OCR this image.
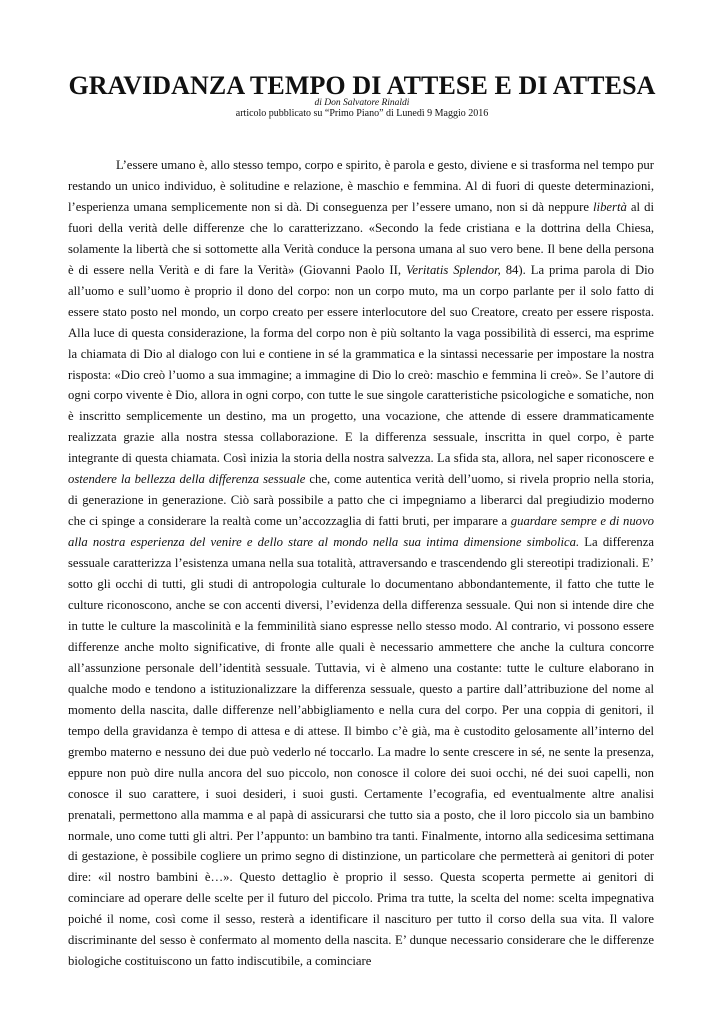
GRAVIDANZA TEMPO DI ATTESE E DI ATTESA
di Don Salvatore Rinaldi
articolo pubblicato su “Primo Piano” di Lunedì 9 Maggio 2016

L’essere umano è, allo stesso tempo, corpo e spirito, è parola e gesto, diviene e si trasforma nel tempo pur restando un unico individuo, è solitudine e relazione, è maschio e femmina. Al di fuori di queste determinazioni, l’esperienza umana semplicemente non si dà. Di conseguenza per l’essere umano, non si dà neppure libertà al di fuori della verità delle differenze che lo caratterizzano. «Secondo la fede cristiana e la dottrina della Chiesa, solamente la libertà che si sottomette alla Verità conduce la persona umana al suo vero bene. Il bene della persona è di essere nella Verità e di fare la Verità» (Giovanni Paolo II, Veritatis Splendor, 84). La prima parola di Dio all’uomo e sull’uomo è proprio il dono del corpo: non un corpo muto, ma un corpo parlante per il solo fatto di essere stato posto nel mondo, un corpo creato per essere interlocutore del suo Creatore, creato per essere risposta. Alla luce di questa considerazione, la forma del corpo non è più soltanto la vaga possibilità di esserci, ma esprime la chiamata di Dio al dialogo con lui e contiene in sé la grammatica e la sintassi necessarie per impostare la nostra risposta: «Dio creò l’uomo a sua immagine; a immagine di Dio lo creò: maschio e femmina li creò». Se l’autore di ogni corpo vivente è Dio, allora in ogni corpo, con tutte le sue singole caratteristiche psicologiche e somatiche, non è inscritto semplicemente un destino, ma un progetto, una vocazione, che attende di essere drammaticamente realizzata grazie alla nostra stessa collaborazione. E la differenza sessuale, inscritta in quel corpo, è parte integrante di questa chiamata. Così inizia la storia della nostra salvezza. La sfida sta, allora, nel saper riconoscere e ostendere la bellezza della differenza sessuale che, come autentica verità dell’uomo, si rivela proprio nella storia, di generazione in generazione. Ciò sarà possibile a patto che ci impegniamo a liberarci dal pregiudizio moderno che ci spinge a considerare la realtà come un’accozzaglia di fatti bruti, per imparare a guardare sempre e di nuovo alla nostra esperienza del venire e dello stare al mondo nella sua intima dimensione simbolica. La differenza sessuale caratterizza l’esistenza umana nella sua totalità, attraversando e trascendendo gli stereotipi tradizionali. E’ sotto gli occhi di tutti, gli studi di antropologia culturale lo documentano abbondantemente, il fatto che tutte le culture riconoscono, anche se con accenti diversi, l’evidenza della differenza sessuale. Qui non si intende dire che in tutte le culture la mascolinità e la femminilità siano espresse nello stesso modo. Al contrario, vi possono essere differenze anche molto significative, di fronte alle quali è necessario ammettere che anche la cultura concorre all’assunzione personale dell’identità sessuale. Tuttavia, vi è almeno una costante: tutte le culture elaborano in qualche modo e tendono a istituzionalizzare la differenza sessuale, questo a partire dall’attribuzione del nome al momento della nascita, dalle differenze nell’abbigliamento e nella cura del corpo. Per una coppia di genitori, il tempo della gravidanza è tempo di attesa e di attese. Il bimbo c’è già, ma è custodito gelosamente all’interno del grembo materno e nessuno dei due può vederlo né toccarlo. La madre lo sente crescere in sé, ne sente la presenza, eppure non può dire nulla ancora del suo piccolo, non conosce il colore dei suoi occhi, né dei suoi capelli, non conosce il suo carattere, i suoi desideri, i suoi gusti. Certamente l’ecografia, ed eventualmente altre analisi prenatali, permettono alla mamma e al papà di assicurarsi che tutto sia a posto, che il loro piccolo sia un bambino normale, uno come tutti gli altri. Per l’appunto: un bambino tra tanti. Finalmente, intorno alla sedicesima settimana di gestazione, è possibile cogliere un primo segno di distinzione, un particolare che permetterà ai genitori di poter dire: «il nostro bambini è…». Questo dettaglio è proprio il sesso. Questa scoperta permette ai genitori di cominciare ad operare delle scelte per il futuro del piccolo. Prima tra tutte, la scelta del nome: scelta impegnativa poiché il nome, così come il sesso, resterà a identificare il nascituro per tutto il corso della sua vita. Il valore discriminante del sesso è confermato al momento della nascita. E’ dunque necessario considerare che le differenze biologiche costituiscono un fatto indiscutibile, a cominciare
